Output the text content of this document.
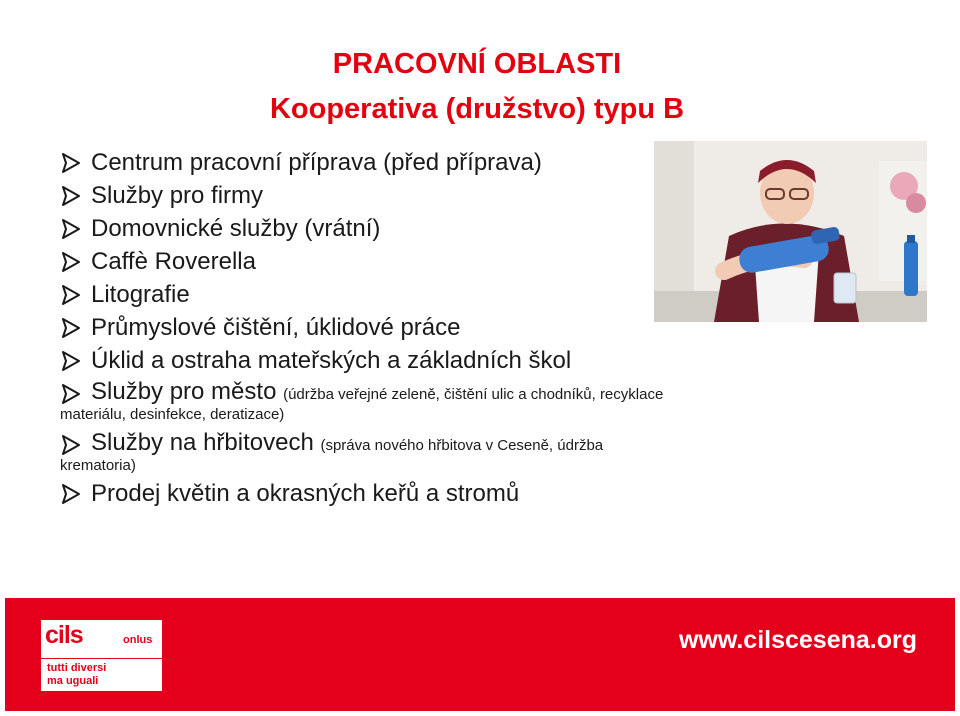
PRACOVNÍ OBLASTI
Kooperativa (družstvo) typu B
Centrum pracovní příprava (před příprava)
Služby pro firmy
Domovnické služby (vrátní)
Caffè Roverella
Litografie
Průmyslové čištění, úklidové práce
Úklid a ostraha mateřských a základních škol
Služby pro město (údržba veřejné zeleně, čištění ulic a chodníků, recyklace
materiálu, desinfekce, deratizace)
Služby na hřbitovech (správa nového hřbitova v Ceseně, údržba
krematoria)
Prodej květin a okrasných keřů a stromů
cils	onlus
tutti diversi
ma uguali
www.cilscesena.org
